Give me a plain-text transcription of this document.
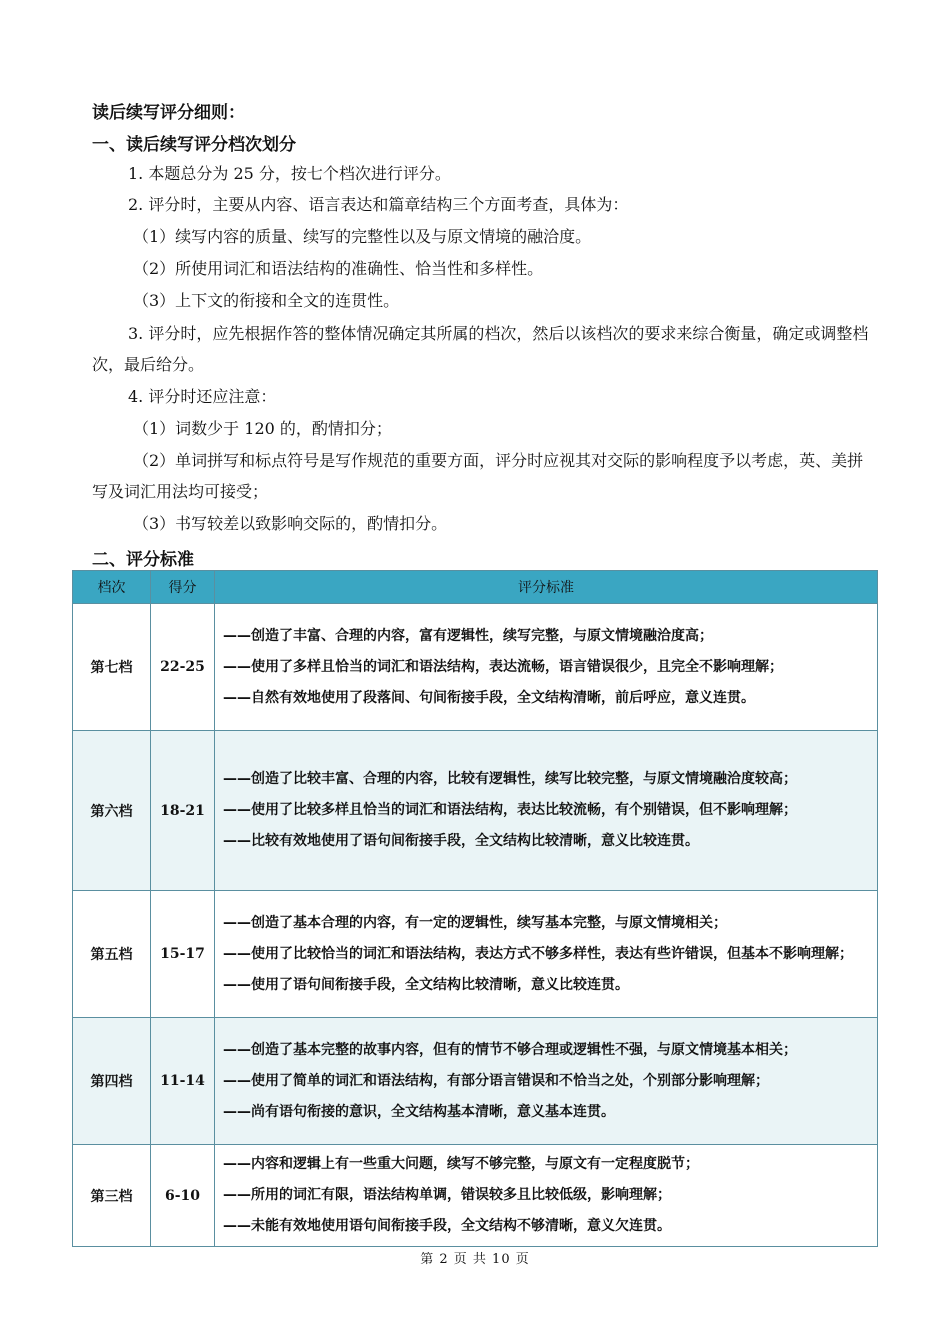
读后续写评分细则：
一、读后续写评分档次划分
1. 本题总分为 25 分，按七个档次进行评分。
2. 评分时，主要从内容、语言表达和篇章结构三个方面考查，具体为：
（1）续写内容的质量、续写的完整性以及与原文情境的融洽度。
（2）所使用词汇和语法结构的准确性、恰当性和多样性。
（3）上下文的衔接和全文的连贯性。
3. 评分时，应先根据作答的整体情况确定其所属的档次，然后以该档次的要求来综合衡量，确定或调整档次，最后给分。
4. 评分时还应注意：
（1）词数少于 120 的，酌情扣分；
（2）单词拼写和标点符号是写作规范的重要方面，评分时应视其对交际的影响程度予以考虑，英、美拼写及词汇用法均可接受；
（3）书写较差以致影响交际的，酌情扣分。
二、评分标准
档次	得分	评分标准
第七档	22-25	——创造了丰富、合理的内容，富有逻辑性，续写完整，与原文情境融洽度高；
——使用了多样且恰当的词汇和语法结构，表达流畅，语言错误很少，且完全不影响理解；
——自然有效地使用了段落间、句间衔接手段，全文结构清晰，前后呼应，意义连贯。

第六档	18-21	——创造了比较丰富、合理的内容，比较有逻辑性，续写比较完整，与原文情境融洽度较高；
——使用了比较多样且恰当的词汇和语法结构，表达比较流畅，有个别错误，但不影响理解；
——比较有效地使用了语句间衔接手段，全文结构比较清晰，意义比较连贯。

第五档	15-17	——创造了基本合理的内容，有一定的逻辑性，续写基本完整，与原文情境相关；
——使用了比较恰当的词汇和语法结构，表达方式不够多样性，表达有些许错误，但基本不影响理解；
——使用了语句间衔接手段，全文结构比较清晰，意义比较连贯。

第四档	11-14	——创造了基本完整的故事内容，但有的情节不够合理或逻辑性不强，与原文情境基本相关；
——使用了简单的词汇和语法结构，有部分语言错误和不恰当之处，个别部分影响理解；
——尚有语句衔接的意识，全文结构基本清晰，意义基本连贯。

第三档	6-10	——内容和逻辑上有一些重大问题，续写不够完整，与原文有一定程度脱节；
——所用的词汇有限，语法结构单调，错误较多且比较低级，影响理解；
——未能有效地使用语句间衔接手段，全文结构不够清晰，意义欠连贯。
第 2 页 共 10 页
